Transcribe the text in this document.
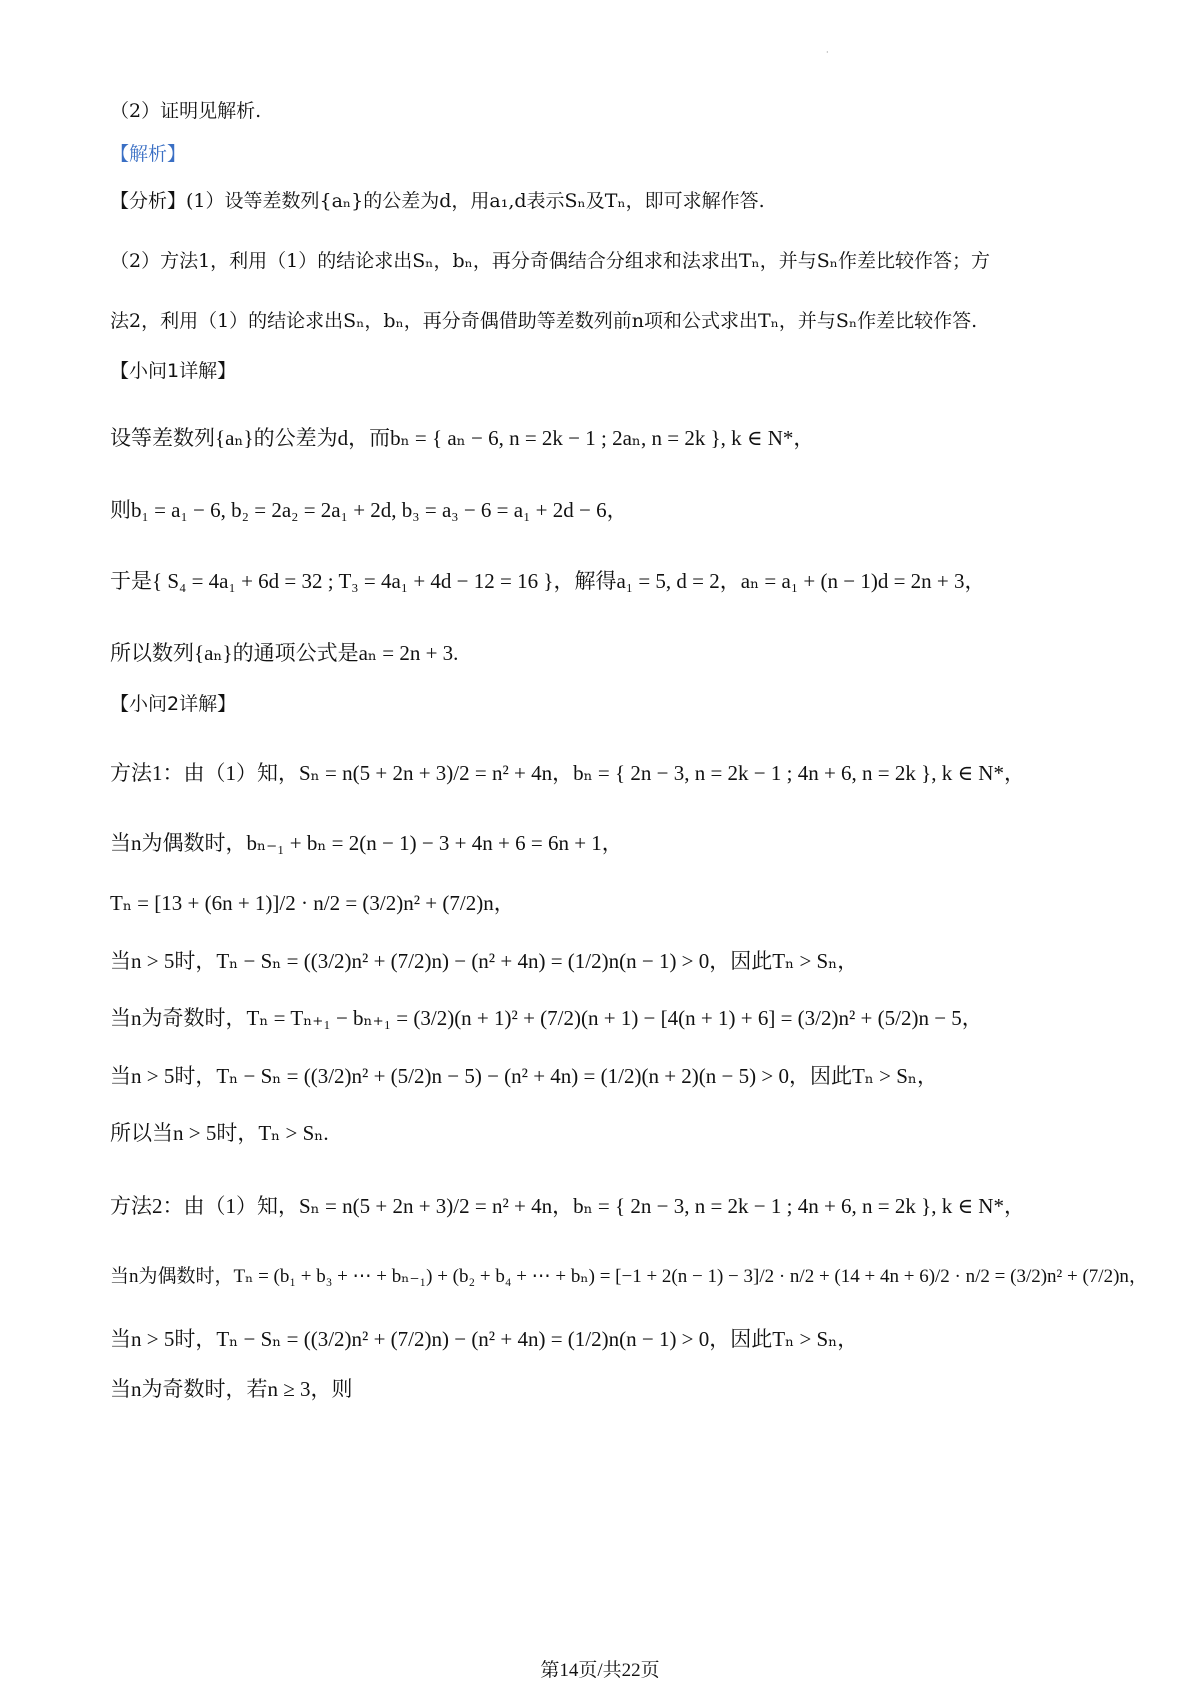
·
（2）证明见解析.
【解析】
【分析】(1）设等差数列{aₙ}的公差为d，用a₁,d表示Sₙ及Tₙ，即可求解作答.
（2）方法1，利用（1）的结论求出Sₙ，bₙ，再分奇偶结合分组求和法求出Tₙ，并与Sₙ作差比较作答；方
法2，利用（1）的结论求出Sₙ，bₙ，再分奇偶借助等差数列前n项和公式求出Tₙ，并与Sₙ作差比较作答.
【小问1详解】
设等差数列{aₙ}的公差为d，而bₙ = { aₙ − 6, n = 2k − 1 ; 2aₙ, n = 2k }, k ∈ N*，
则b₁ = a₁ − 6, b₂ = 2a₂ = 2a₁ + 2d, b₃ = a₃ − 6 = a₁ + 2d − 6，
于是{ S₄ = 4a₁ + 6d = 32 ; T₃ = 4a₁ + 4d − 12 = 16 }，解得a₁ = 5, d = 2，aₙ = a₁ + (n − 1)d = 2n + 3，
所以数列{aₙ}的通项公式是aₙ = 2n + 3.
【小问2详解】
方法1：由（1）知，Sₙ = n(5 + 2n + 3)/2 = n² + 4n，bₙ = { 2n − 3, n = 2k − 1 ; 4n + 6, n = 2k }, k ∈ N*，
当n为偶数时，bₙ₋₁ + bₙ = 2(n − 1) − 3 + 4n + 6 = 6n + 1，
Tₙ = [13 + (6n + 1)]/2 · n/2 = (3/2)n² + (7/2)n，
当n > 5时，Tₙ − Sₙ = ((3/2)n² + (7/2)n) − (n² + 4n) = (1/2)n(n − 1) > 0，因此Tₙ > Sₙ，
当n为奇数时，Tₙ = Tₙ₊₁ − bₙ₊₁ = (3/2)(n + 1)² + (7/2)(n + 1) − [4(n + 1) + 6] = (3/2)n² + (5/2)n − 5，
当n > 5时，Tₙ − Sₙ = ((3/2)n² + (5/2)n − 5) − (n² + 4n) = (1/2)(n + 2)(n − 5) > 0，因此Tₙ > Sₙ，
所以当n > 5时，Tₙ > Sₙ.
方法2：由（1）知，Sₙ = n(5 + 2n + 3)/2 = n² + 4n，bₙ = { 2n − 3, n = 2k − 1 ; 4n + 6, n = 2k }, k ∈ N*，
当n为偶数时，Tₙ = (b₁ + b₃ + ⋯ + bₙ₋₁) + (b₂ + b₄ + ⋯ + bₙ) = [−1 + 2(n − 1) − 3]/2 · n/2 + (14 + 4n + 6)/2 · n/2 = (3/2)n² + (7/2)n，
当n > 5时，Tₙ − Sₙ = ((3/2)n² + (7/2)n) − (n² + 4n) = (1/2)n(n − 1) > 0，因此Tₙ > Sₙ，
当n为奇数时，若n ≥ 3，则
第14页/共22页
